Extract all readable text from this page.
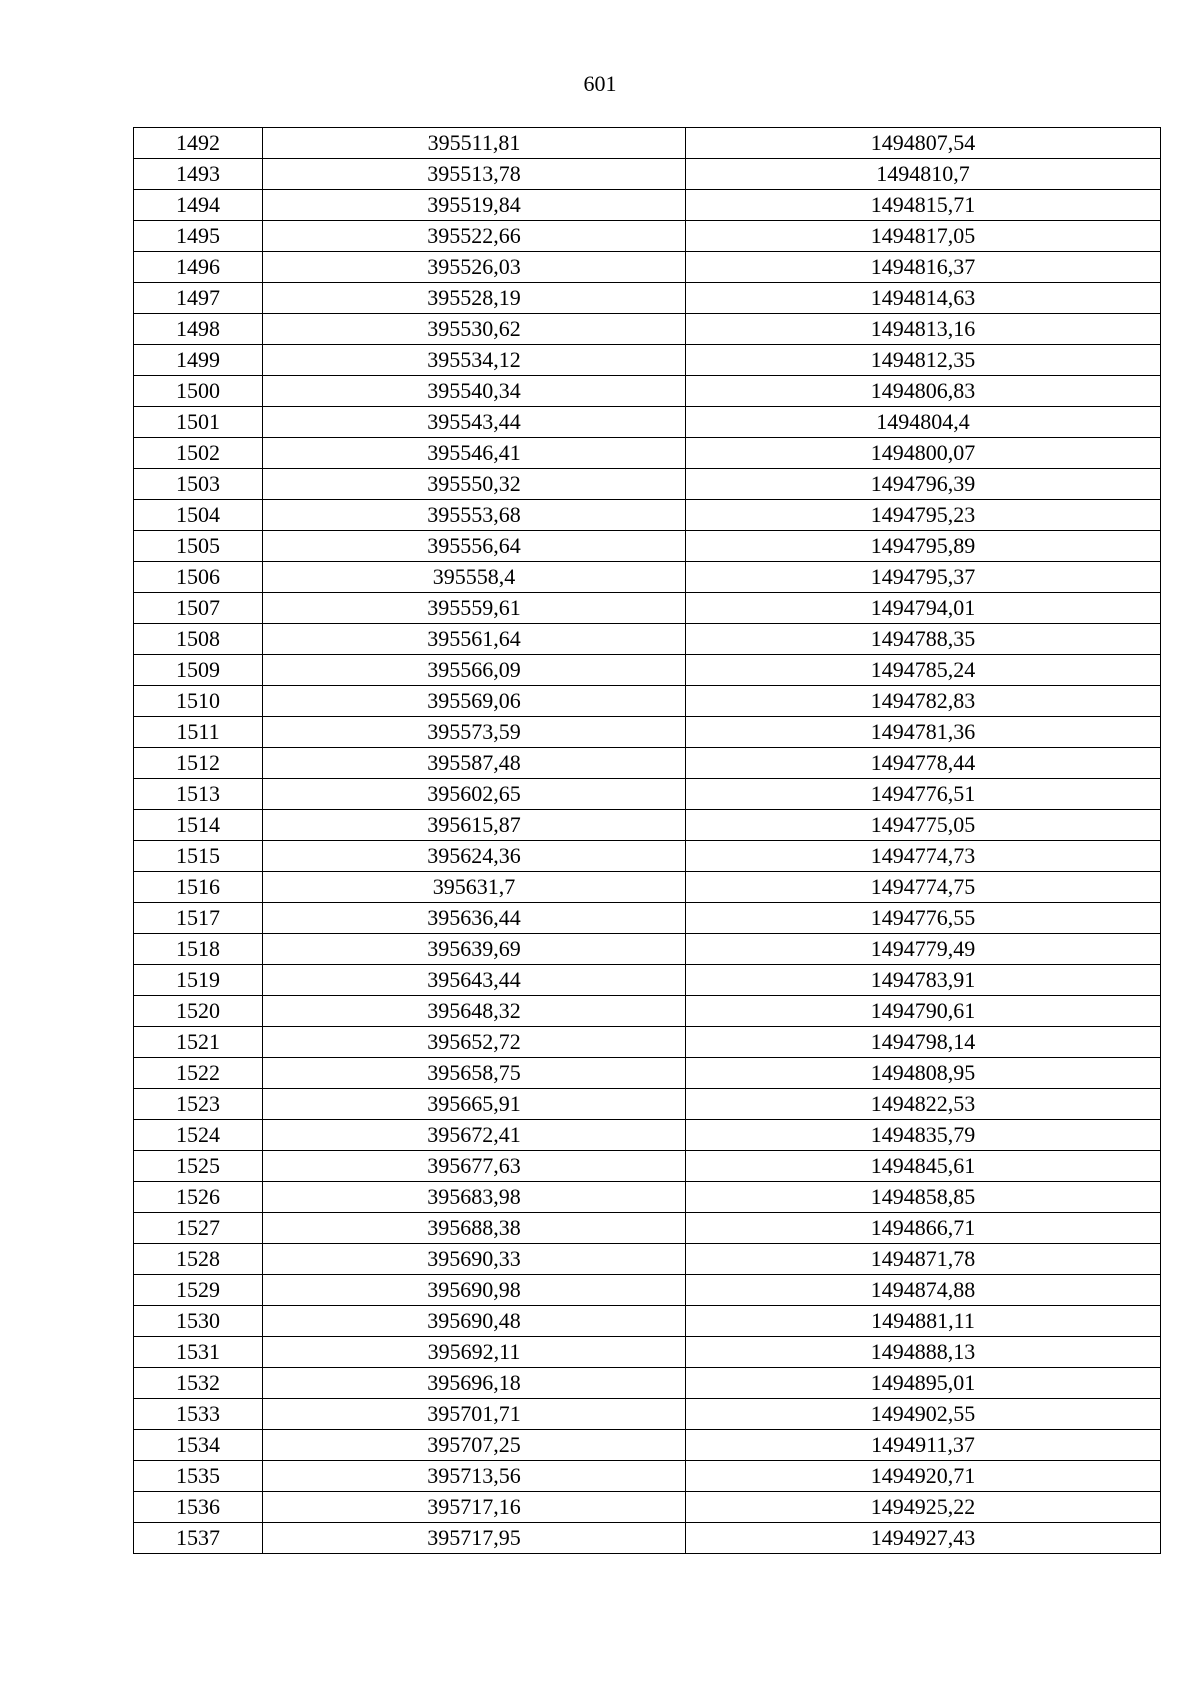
601
1492	395511,81	1494807,54
1493	395513,78	1494810,7
1494	395519,84	1494815,71
1495	395522,66	1494817,05
1496	395526,03	1494816,37
1497	395528,19	1494814,63
1498	395530,62	1494813,16
1499	395534,12	1494812,35
1500	395540,34	1494806,83
1501	395543,44	1494804,4
1502	395546,41	1494800,07
1503	395550,32	1494796,39
1504	395553,68	1494795,23
1505	395556,64	1494795,89
1506	395558,4	1494795,37
1507	395559,61	1494794,01
1508	395561,64	1494788,35
1509	395566,09	1494785,24
1510	395569,06	1494782,83
1511	395573,59	1494781,36
1512	395587,48	1494778,44
1513	395602,65	1494776,51
1514	395615,87	1494775,05
1515	395624,36	1494774,73
1516	395631,7	1494774,75
1517	395636,44	1494776,55
1518	395639,69	1494779,49
1519	395643,44	1494783,91
1520	395648,32	1494790,61
1521	395652,72	1494798,14
1522	395658,75	1494808,95
1523	395665,91	1494822,53
1524	395672,41	1494835,79
1525	395677,63	1494845,61
1526	395683,98	1494858,85
1527	395688,38	1494866,71
1528	395690,33	1494871,78
1529	395690,98	1494874,88
1530	395690,48	1494881,11
1531	395692,11	1494888,13
1532	395696,18	1494895,01
1533	395701,71	1494902,55
1534	395707,25	1494911,37
1535	395713,56	1494920,71
1536	395717,16	1494925,22
1537	395717,95	1494927,43
